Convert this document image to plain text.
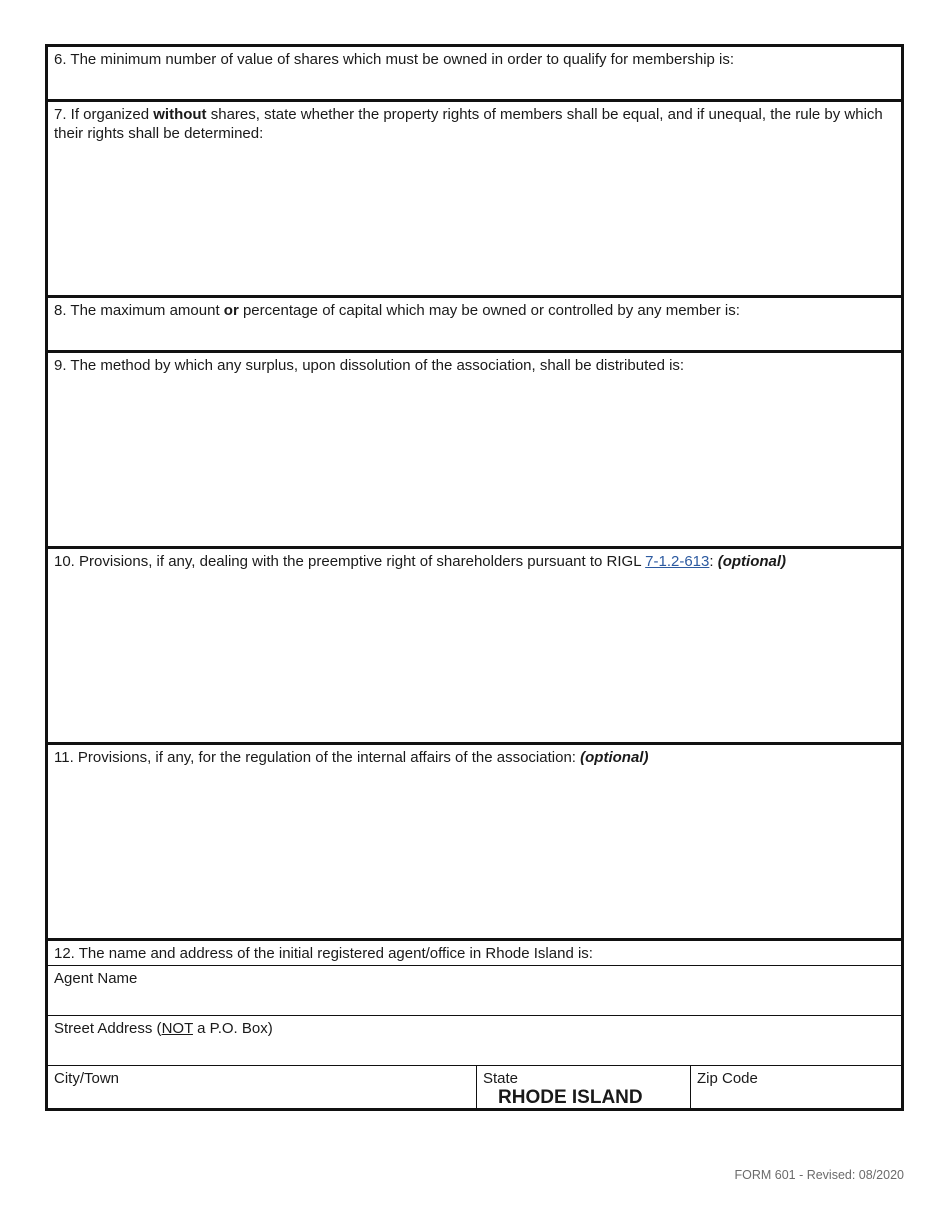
6. The minimum number of value of shares which must be owned in order to qualify for membership is:

7. If organized without shares, state whether the property rights of members shall be equal, and if unequal, the rule by which their rights shall be determined:

8. The maximum amount or percentage of capital which may be owned or controlled by any member is:

9. The method by which any surplus, upon dissolution of the association, shall be distributed is:

10. Provisions, if any, dealing with the preemptive right of shareholders pursuant to RIGL 7-1.2-613: (optional)

11. Provisions, if any, for the regulation of the internal affairs of the association: (optional)

12. The name and address of the initial registered agent/office in Rhode Island is:

Agent Name

Street Address (NOT a P.O. Box)

City/Town	State
RHODE ISLAND
Zip Code
FORM 601 - Revised: 08/2020
